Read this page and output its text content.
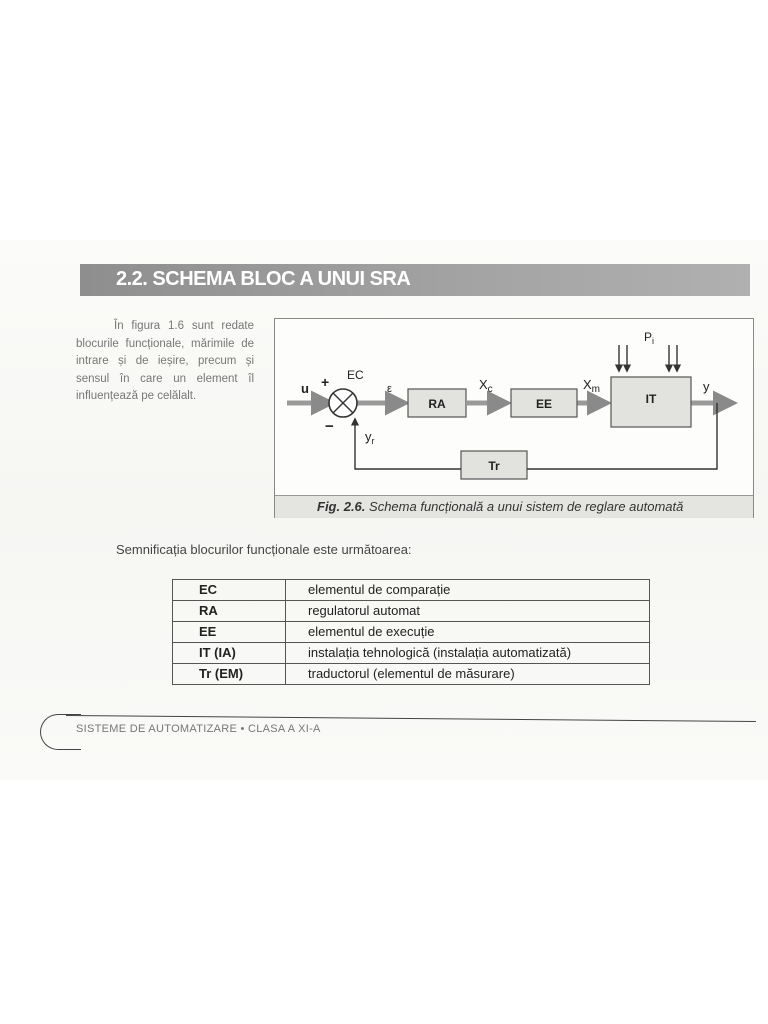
2.2. SCHEMA BLOC A UNUI SRA
În figura 1.6 sunt redate blocurile funcționale, mărimile de intrare și de ieșire, precum și sensul în care un element îl influențează pe celălalt.
RA	EE	IT
Tr
u +
−
EC
ε	$X_c$	$X_m$
$P_i$
y
$y_r$
Fig. 2.6. Schema funcțională a unui sistem de reglare automată
Semnificația blocurilor funcționale este următoarea:
EC	elementul de comparație
RA	regulatorul automat
EE	elementul de execuție
IT (IA)	instalația tehnologică (instalația automatizată)
Tr (EM)	traductorul (elementul de măsurare)
SISTEME DE AUTOMATIZARE • CLASA A XI-A
